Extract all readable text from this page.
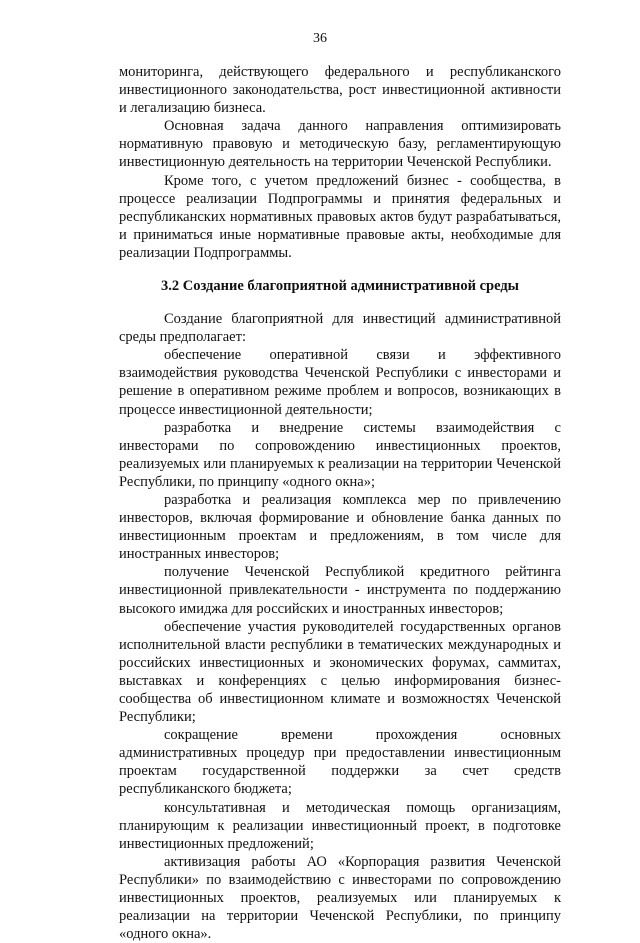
36

мониторинга, действующего федерального и республиканского инвестиционного законодательства, рост инвестиционной активности и легализацию бизнеса.

Основная задача данного направления оптимизировать нормативную правовую и методическую базу, регламентирующую инвестиционную деятельность на территории Чеченской Республики.

Кроме того, с учетом предложений бизнес - сообщества, в процессе реализации Подпрограммы и принятия федеральных и республиканских нормативных правовых актов будут разрабатываться, и приниматься иные нормативные правовые акты, необходимые для реализации Подпрограммы.

3.2 Создание благоприятной административной среды

Создание благоприятной для инвестиций административной среды предполагает:

обеспечение оперативной связи и эффективного взаимодействия руководства Чеченской Республики с инвесторами и решение в оперативном режиме проблем и вопросов, возникающих в процессе инвестиционной деятельности;

разработка и внедрение системы взаимодействия с инвесторами по сопровождению инвестиционных проектов, реализуемых или планируемых к реализации на территории Чеченской Республики, по принципу «одного окна»;

разработка и реализация комплекса мер по привлечению инвесторов, включая формирование и обновление банка данных по инвестиционным проектам и предложениям, в том числе для иностранных инвесторов;

получение Чеченской Республикой кредитного рейтинга инвестиционной привлекательности - инструмента по поддержанию высокого имиджа для российских и иностранных инвесторов;

обеспечение участия руководителей государственных органов исполнительной власти республики в тематических международных и российских инвестиционных и экономических форумах, саммитах, выставках и конференциях с целью информирования бизнес-сообщества об инвестиционном климате и возможностях Чеченской Республики;

сокращение времени прохождения основных административных процедур при предоставлении инвестиционным проектам государственной поддержки за счет средств республиканского бюджета;

консультативная и методическая помощь организациям, планирующим к реализации инвестиционный проект, в подготовке инвестиционных предложений;

активизация работы АО «Корпорация развития Чеченской Республики» по взаимодействию с инвесторами по сопровождению инвестиционных проектов, реализуемых или планируемых к реализации на территории Чеченской Республики, по принципу «одного окна».
